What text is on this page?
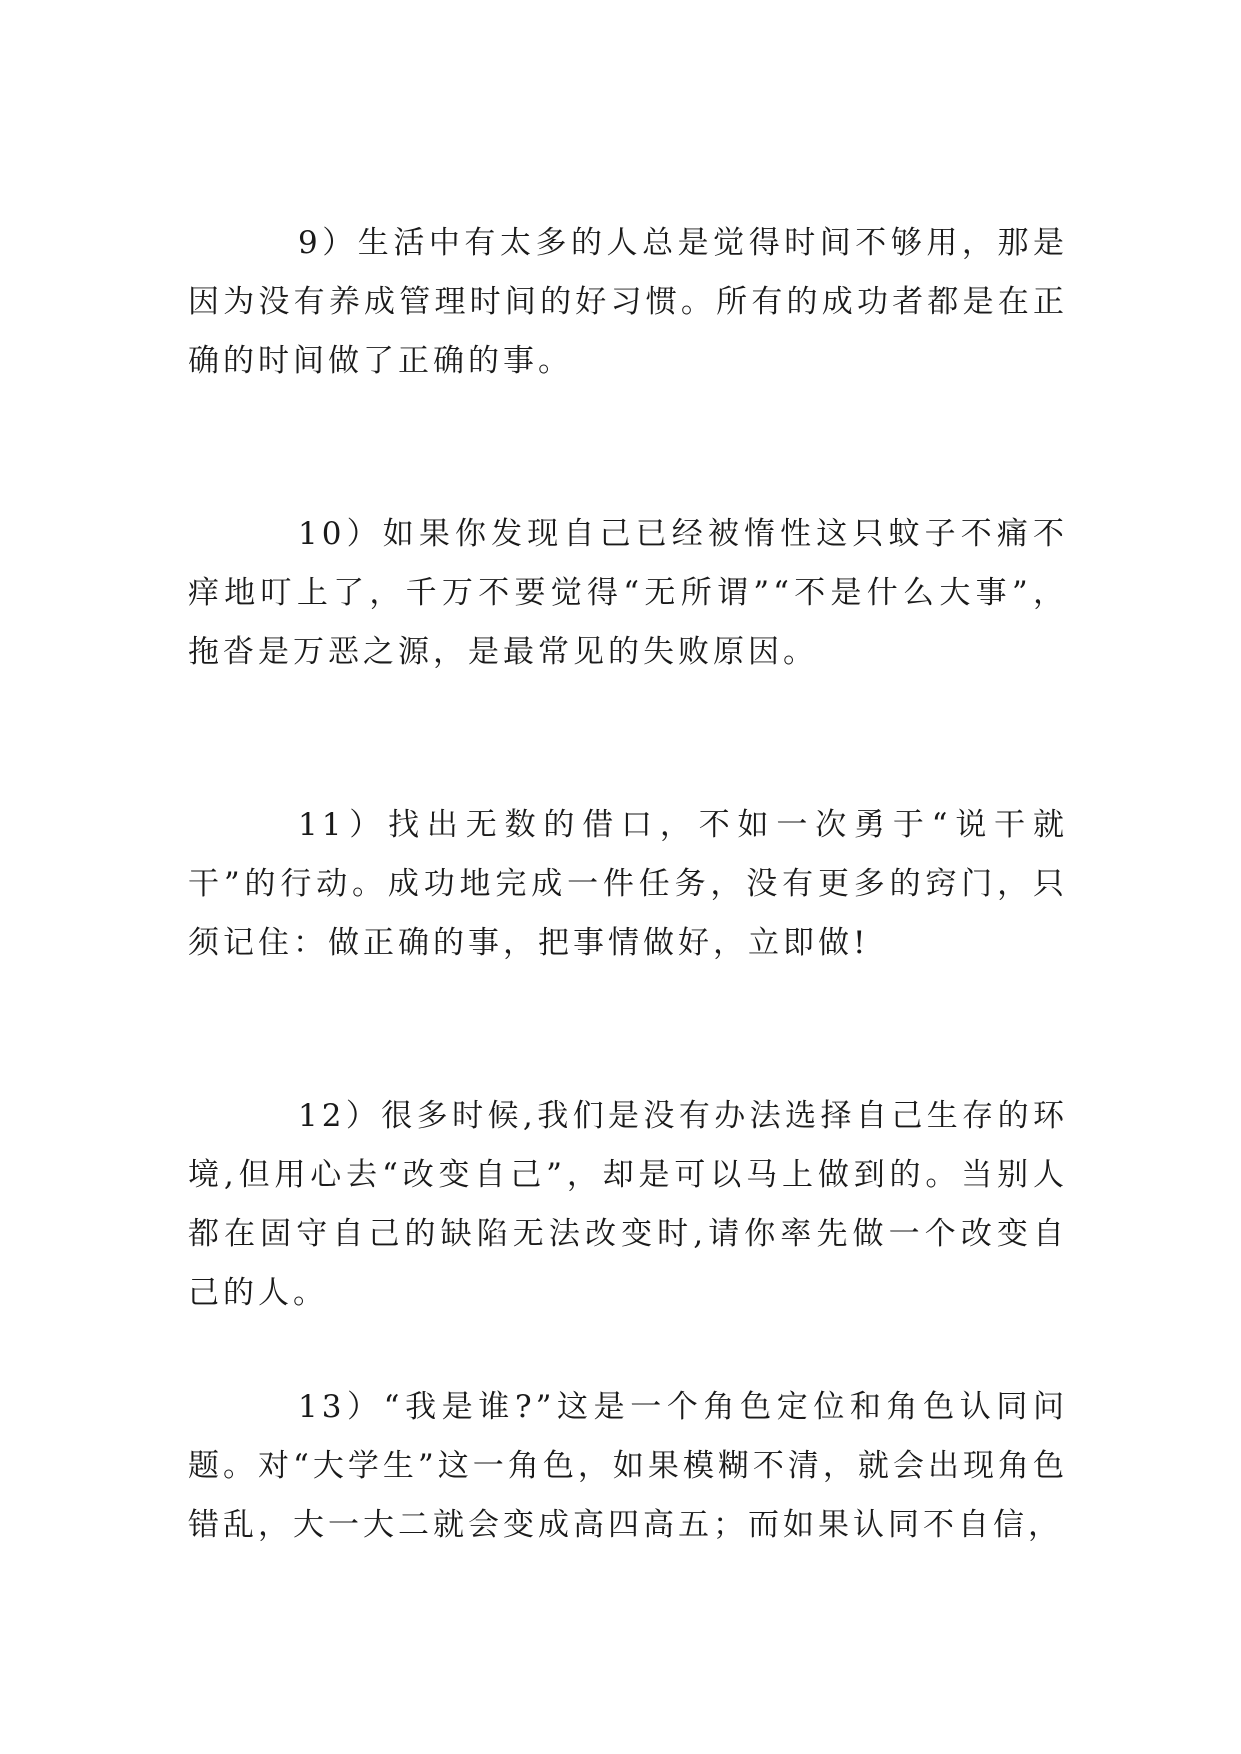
9）生活中有太多的人总是觉得时间不够用，那是因为没有养成管理时间的好习惯。所有的成功者都是在正确的时间做了正确的事。

10）如果你发现自己已经被惰性这只蚊子不痛不痒地叮上了，千万不要觉得“无所谓”“不是什么大事”，拖沓是万恶之源，是最常见的失败原因。

11）找出无数的借口，不如一次勇于“说干就干”的行动。成功地完成一件任务，没有更多的窍门，只须记住：做正确的事，把事情做好，立即做!

12）很多时候,我们是没有办法选择自己生存的环境,但用心去“改变自己”，却是可以马上做到的。当别人都在固守自己的缺陷无法改变时,请你率先做一个改变自己的人。

13）“我是谁?”这是一个角色定位和角色认同问题。对“大学生”这一角色，如果模糊不清，就会出现角色错乱，大一大二就会变成高四高五；而如果认同不自信，
